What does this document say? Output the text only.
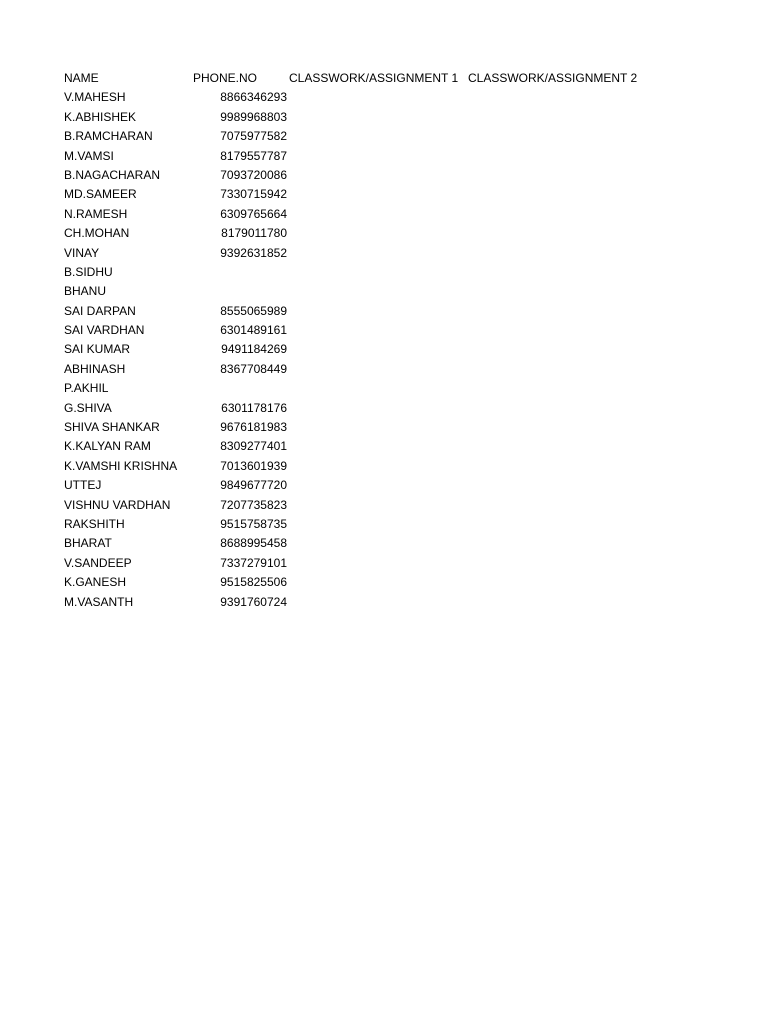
NAME	PHONE.NO	CLASSWORK/ASSIGNMENT 1 CLASSWORK/ASSIGNMENT 2
V.MAHESH	8866346293
K.ABHISHEK	9989968803
B.RAMCHARAN	7075977582
M.VAMSI	8179557787
B.NAGACHARAN	7093720086
MD.SAMEER	7330715942
N.RAMESH	6309765664
CH.MOHAN	8179011780
VINAY	9392631852
B.SIDHU
BHANU
SAI DARPAN	8555065989
SAI VARDHAN	6301489161
SAI KUMAR	9491184269
ABHINASH	8367708449
P.AKHIL
G.SHIVA	6301178176
SHIVA SHANKAR	9676181983
K.KALYAN RAM	8309277401
K.VAMSHI KRISHNA	7013601939
UTTEJ	9849677720
VISHNU VARDHAN	7207735823
RAKSHITH	9515758735
BHARAT	8688995458
V.SANDEEP	7337279101
K.GANESH	9515825506
M.VASANTH	9391760724
